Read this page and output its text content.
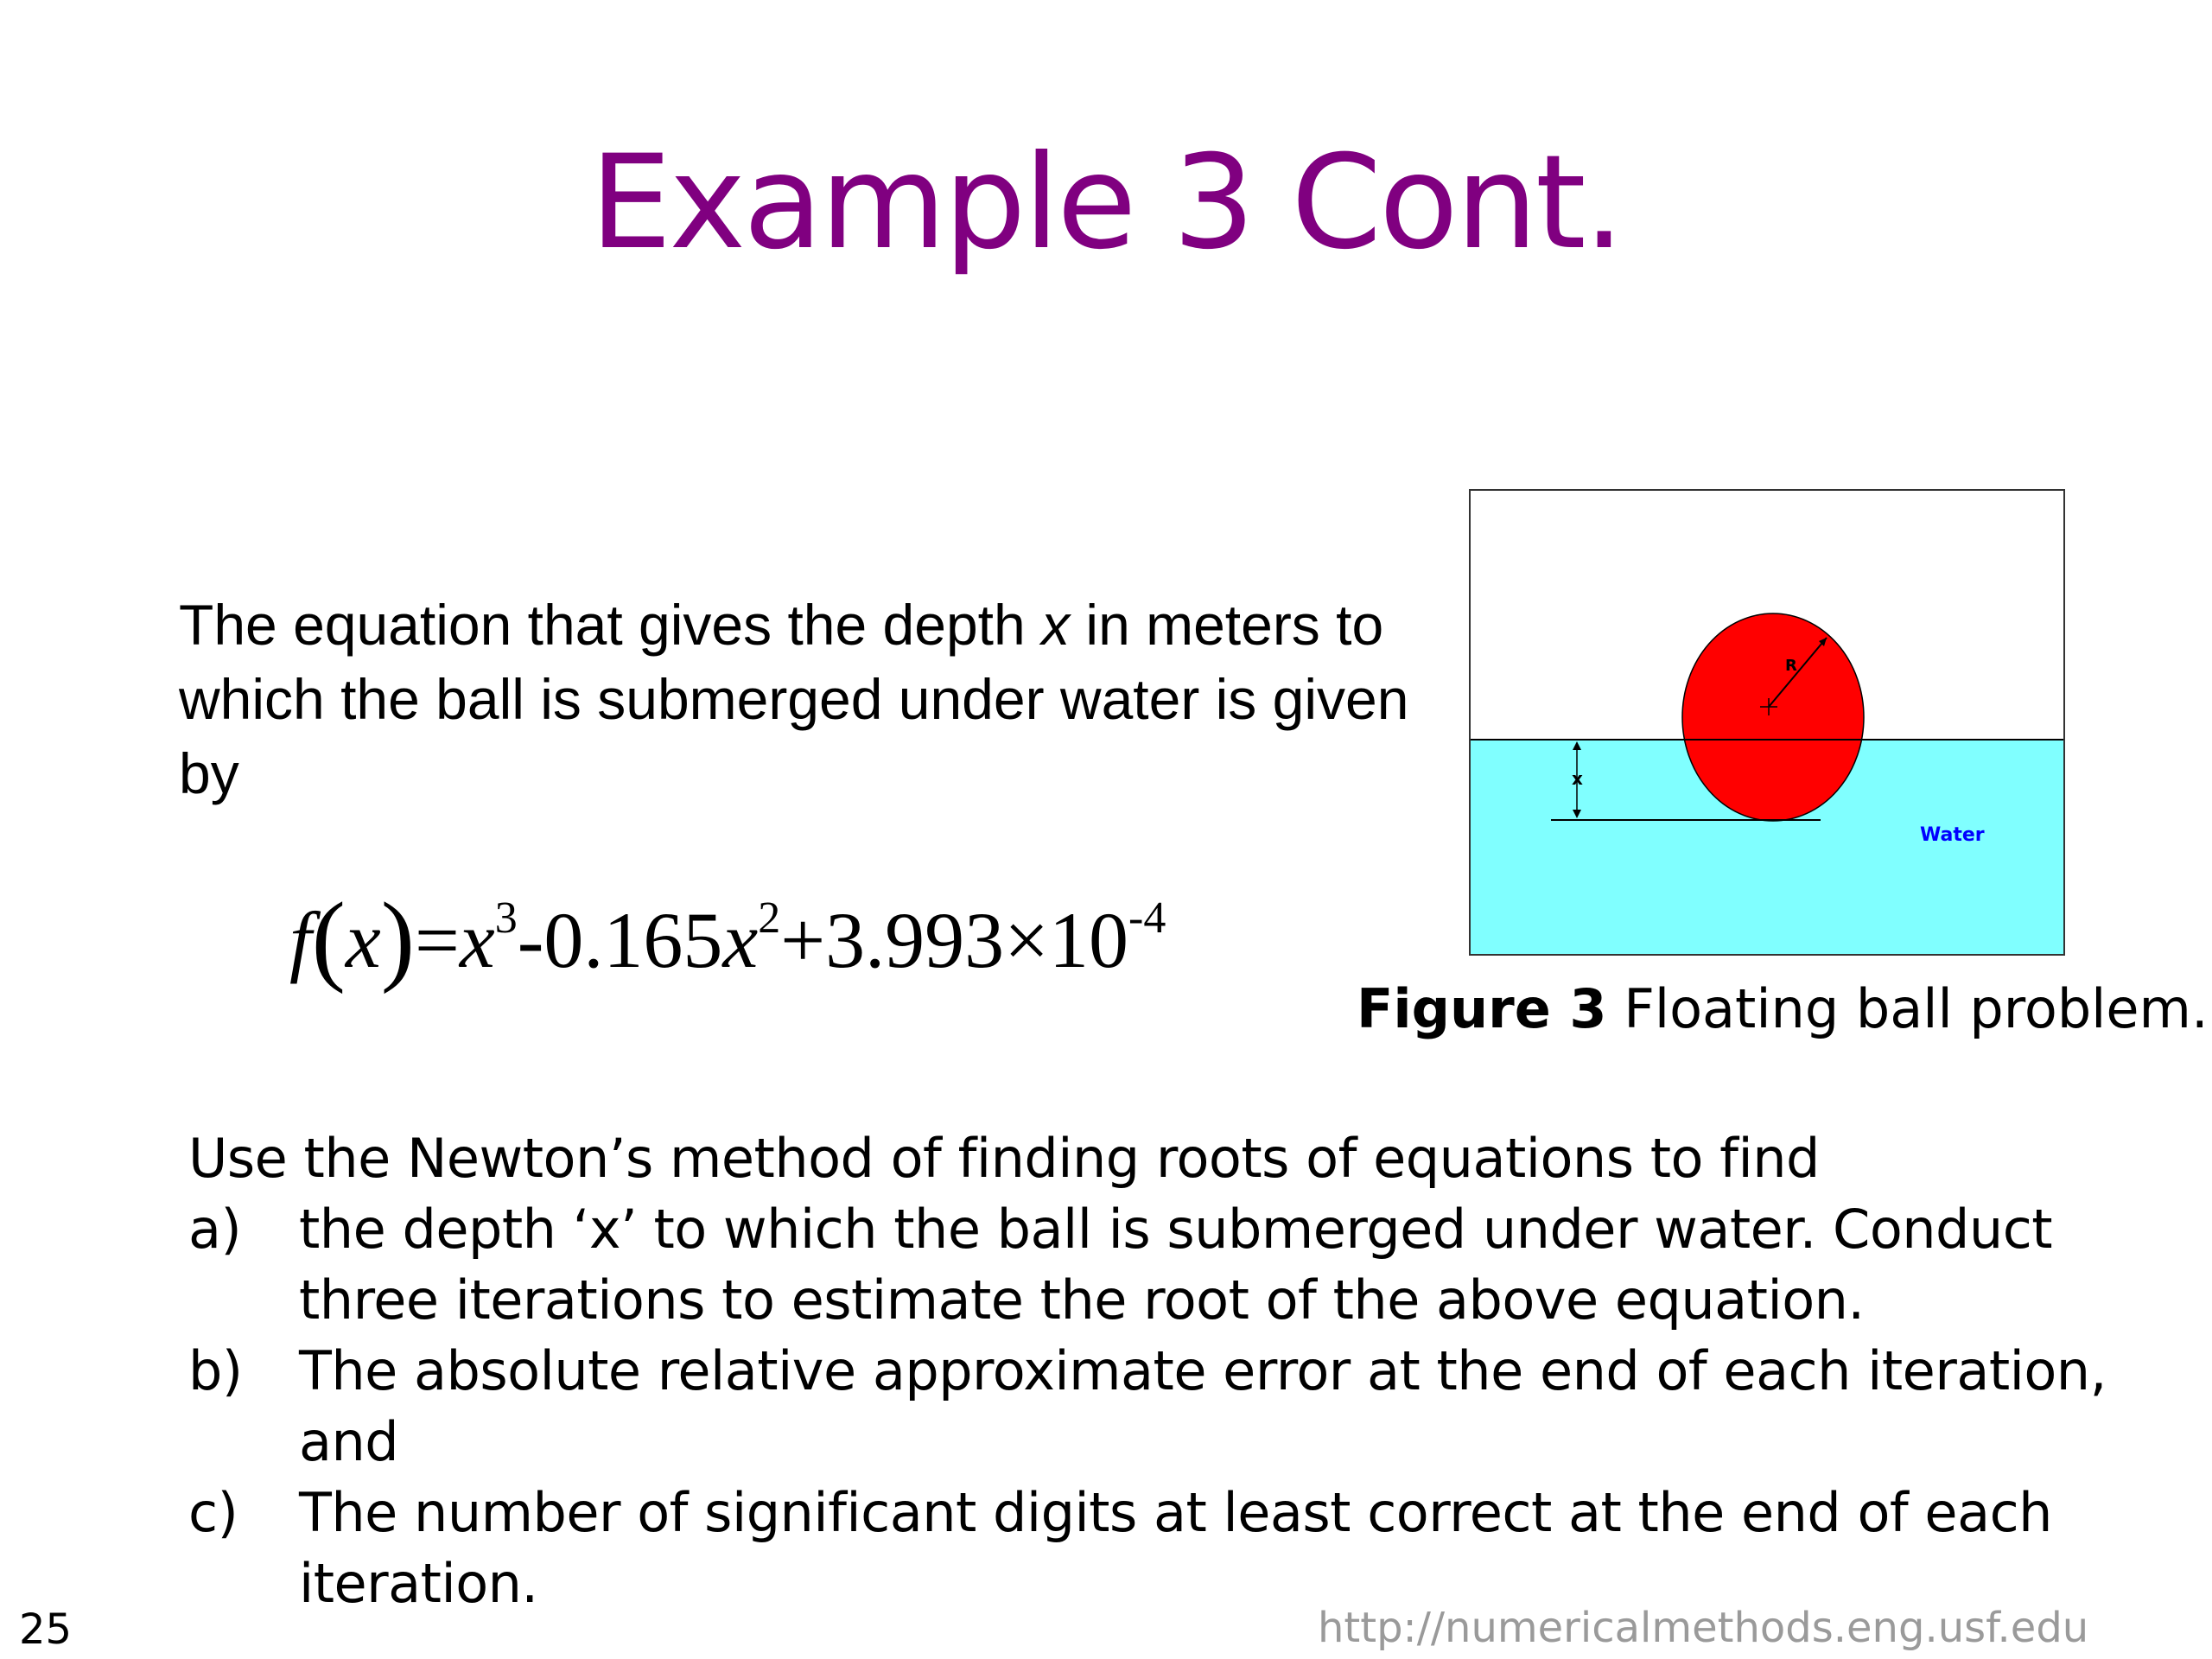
Example 3 Cont.
The equation that gives the depth x in meters to which the ball is submerged under water is given by
$f(x)=x^3-0.165x^2+3.993\times 10^{-4}$
R
x
Water
Figure 3 Floating ball problem.
Use the Newton’s method of finding roots of equations to find
a)	the depth ‘x’ to which the ball is submerged under water. Conduct three iterations to estimate the root of the above equation.
b)	The absolute relative approximate error at the end of each iteration, and
c)	The number of significant digits at least correct at the end of each iteration.
25	http://numericalmethods.eng.usf.edu
